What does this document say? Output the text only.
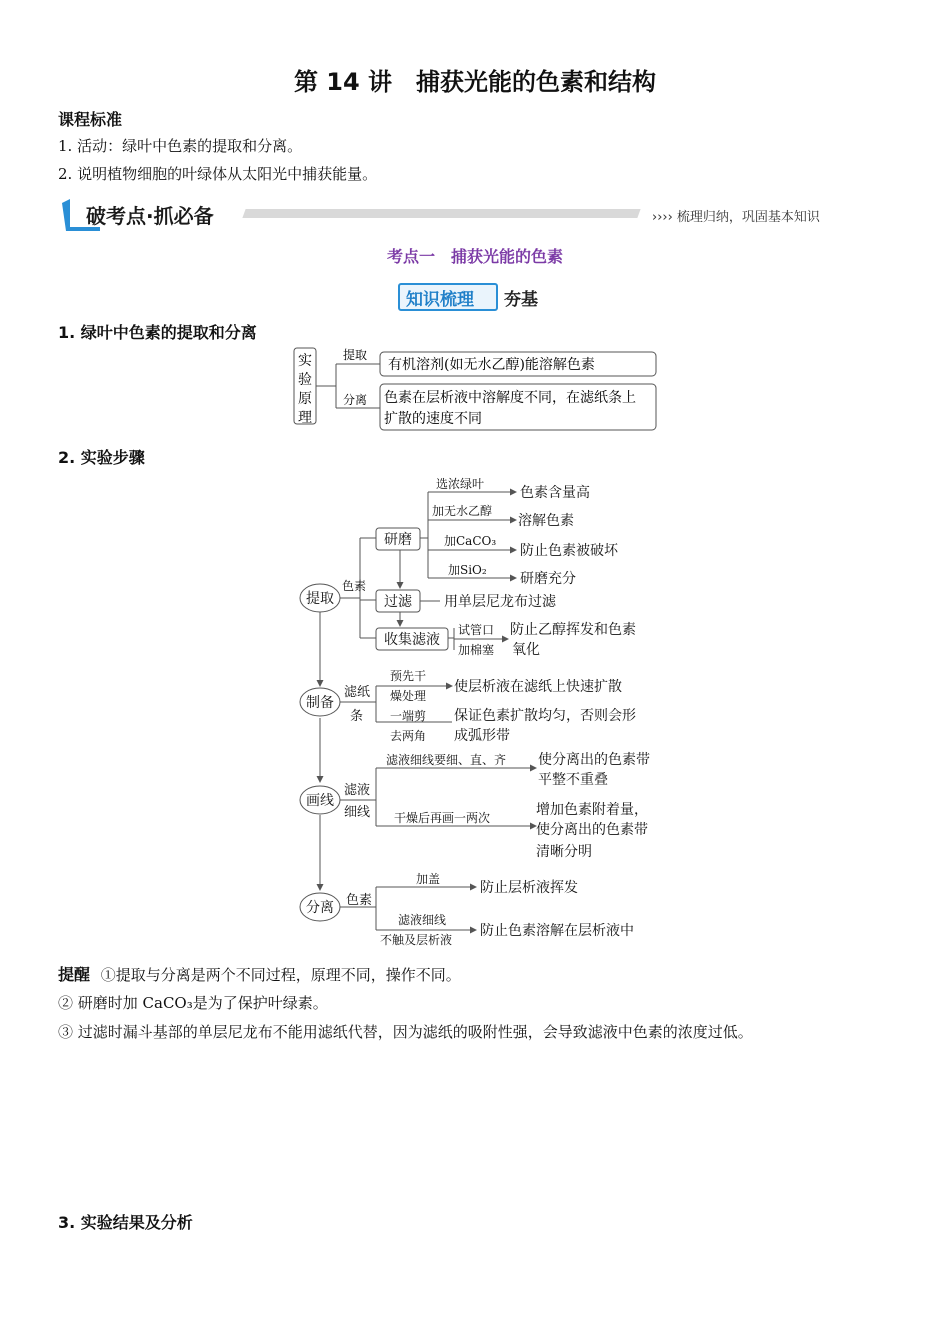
第 14 讲　捕获光能的色素和结构
课程标准
1. 活动：绿叶中色素的提取和分离。
2. 说明植物细胞的叶绿体从太阳光中捕获能量。
破考点·抓必备	›››› 梳理归纳，巩固基本知识
考点一　捕获光能的色素
知识梳理 夯基
1. 绿叶中色素的提取和分离
实
验
原
理
提取
分离
有机溶剂(如无水乙醇)能溶解色素
色素在层析液中溶解度不同，在滤纸条上
扩散的速度不同
2. 实验步骤
提取
色素
研磨
过滤
收集滤液
选浓绿叶
加无水乙醇
加CaCO₃
加SiO₂
色素含量高
溶解色素
防止色素被破坏
研磨充分
用单层尼龙布过滤
试管口
加棉塞
防止乙醇挥发和色素
氧化
制备
滤纸
条
预先干
燥处理
使层析液在滤纸上快速扩散
一端剪
去两角
保证色素扩散均匀，否则会形
成弧形带
画线
滤液
细线
滤液细线要细、直、齐 使分离出的色素带
平整不重叠
干燥后再画一两次	增加色素附着量，
使分离出的色素带
清晰分明
分离 色素
加盖
防止层析液挥发
滤液细线
不触及层析液
防止色素溶解在层析液中
提醒 ①提取与分离是两个不同过程，原理不同，操作不同。
② 研磨时加 CaCO₃是为了保护叶绿素。
③ 过滤时漏斗基部的单层尼龙布不能用滤纸代替，因为滤纸的吸附性强，会导致滤液中色素的浓度过低。
3. 实验结果及分析
